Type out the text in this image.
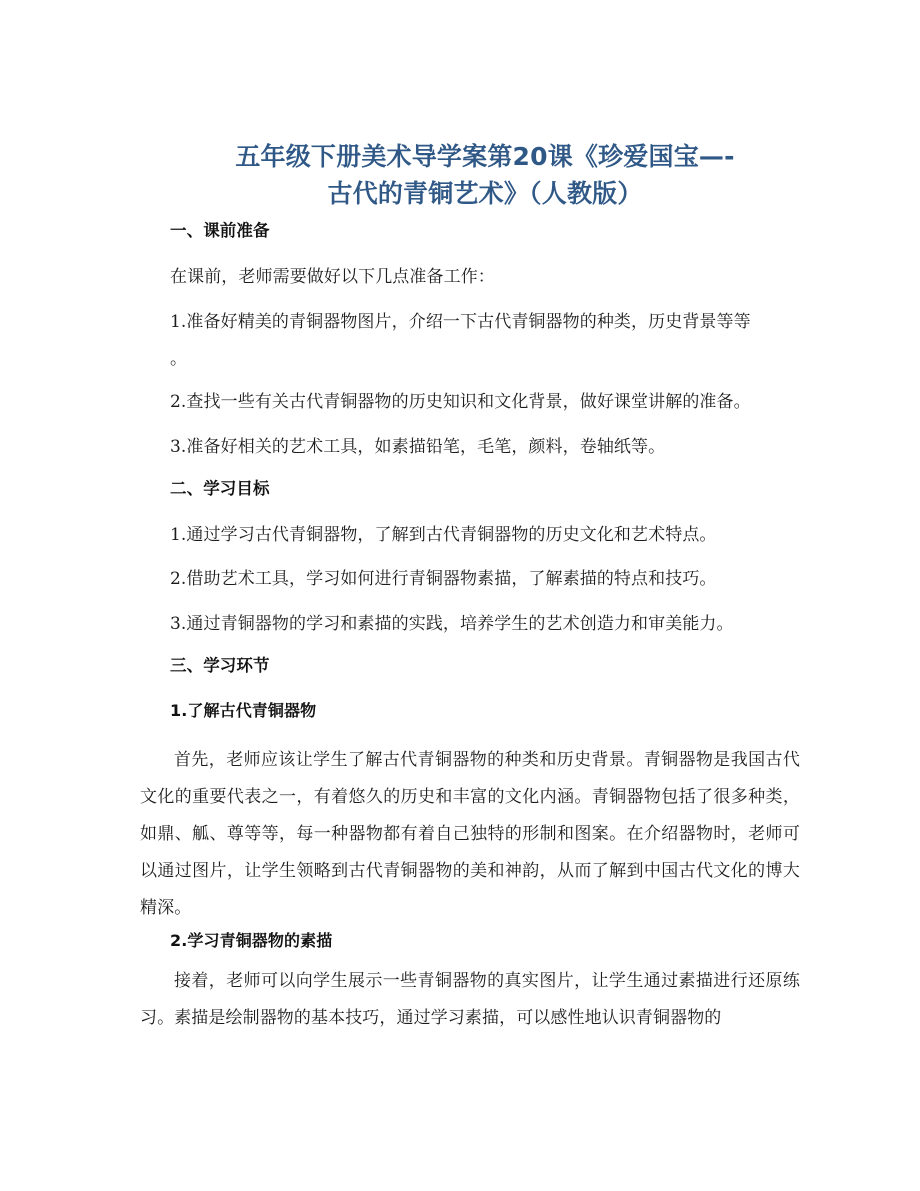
五年级下册美术导学案第20课《珍爱国宝—-
古代的青铜艺术》（人教版）
一、课前准备
在课前，老师需要做好以下几点准备工作：
1.准备好精美的青铜器物图片，介绍一下古代青铜器物的种类，历史背景等等
。
2.查找一些有关古代青铜器物的历史知识和文化背景，做好课堂讲解的准备。
3.准备好相关的艺术工具，如素描铅笔，毛笔，颜料，卷轴纸等。
二、学习目标
1.通过学习古代青铜器物，了解到古代青铜器物的历史文化和艺术特点。
2.借助艺术工具，学习如何进行青铜器物素描，了解素描的特点和技巧。
3.通过青铜器物的学习和素描的实践，培养学生的艺术创造力和审美能力。
三、学习环节
1.了解古代青铜器物
首先，老师应该让学生了解古代青铜器物的种类和历史背景。青铜器物是我国古代文化的重要代表之一，有着悠久的历史和丰富的文化内涵。青铜器物包括了很多种类，如鼎、觚、尊等等，每一种器物都有着自己独特的形制和图案。在介绍器物时，老师可以通过图片，让学生领略到古代青铜器物的美和神韵，从而了解到中国古代文化的博大精深。
2.学习青铜器物的素描
接着，老师可以向学生展示一些青铜器物的真实图片，让学生通过素描进行还原练习。素描是绘制器物的基本技巧，通过学习素描，可以感性地认识青铜器物的
